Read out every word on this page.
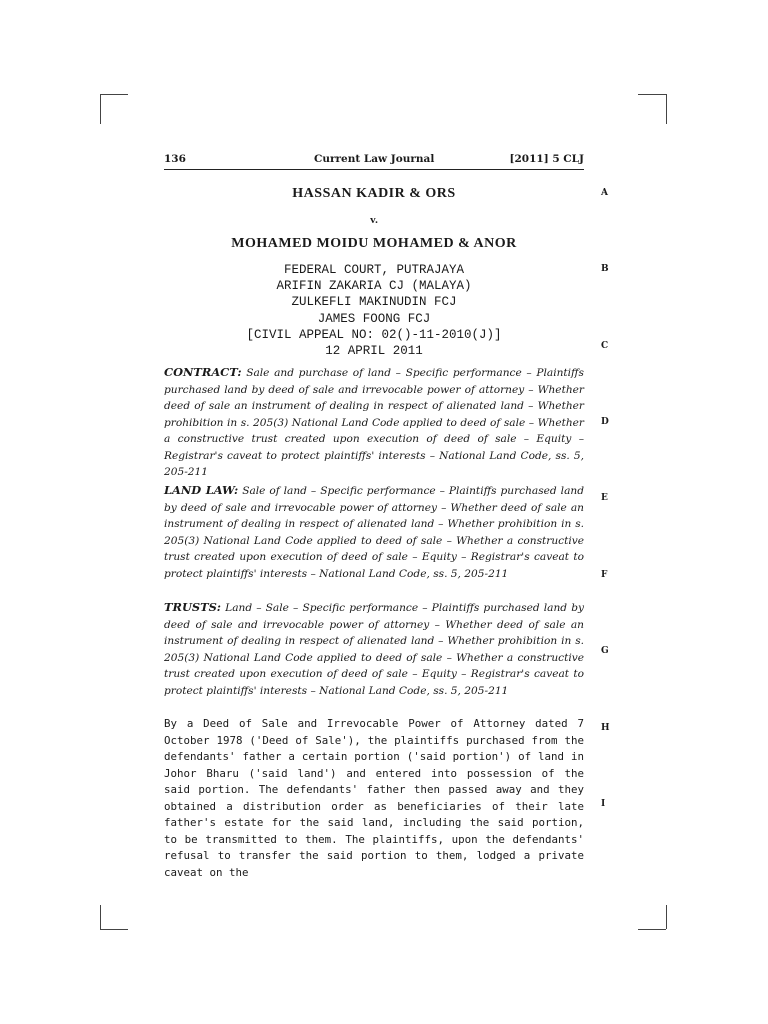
136	Current Law Journal	[2011] 5 CLJ
HASSAN KADIR & ORS
v.
MOHAMED MOIDU MOHAMED & ANOR
FEDERAL COURT, PUTRAJAYA
ARIFIN ZAKARIA CJ (MALAYA)
ZULKEFLI MAKINUDIN FCJ
JAMES FOONG FCJ
[CIVIL APPEAL NO: 02()-11-2010(J)]
12 APRIL 2011
CONTRACT: Sale and purchase of land – Specific performance – Plaintiffs purchased land by deed of sale and irrevocable power of attorney – Whether deed of sale an instrument of dealing in respect of alienated land – Whether prohibition in s. 205(3) National Land Code applied to deed of sale – Whether a constructive trust created upon execution of deed of sale – Equity – Registrar's caveat to protect plaintiffs' interests – National Land Code, ss. 5, 205-211
LAND LAW: Sale of land – Specific performance – Plaintiffs purchased land by deed of sale and irrevocable power of attorney – Whether deed of sale an instrument of dealing in respect of alienated land – Whether prohibition in s. 205(3) National Land Code applied to deed of sale – Whether a constructive trust created upon execution of deed of sale – Equity – Registrar's caveat to protect plaintiffs' interests – National Land Code, ss. 5, 205-211
TRUSTS: Land – Sale – Specific performance – Plaintiffs purchased land by deed of sale and irrevocable power of attorney – Whether deed of sale an instrument of dealing in respect of alienated land – Whether prohibition in s. 205(3) National Land Code applied to deed of sale – Whether a constructive trust created upon execution of deed of sale – Equity – Registrar's caveat to protect plaintiffs' interests – National Land Code, ss. 5, 205-211
By a Deed of Sale and Irrevocable Power of Attorney dated 7 October 1978 ('Deed of Sale'), the plaintiffs purchased from the defendants' father a certain portion ('said portion') of land in Johor Bharu ('said land') and entered into possession of the said portion. The defendants' father then passed away and they obtained a distribution order as beneficiaries of their late father's estate for the said land, including the said portion, to be transmitted to them. The plaintiffs, upon the defendants' refusal to transfer the said portion to them, lodged a private caveat on the
A
B
C
D
E
F
G
H
I
